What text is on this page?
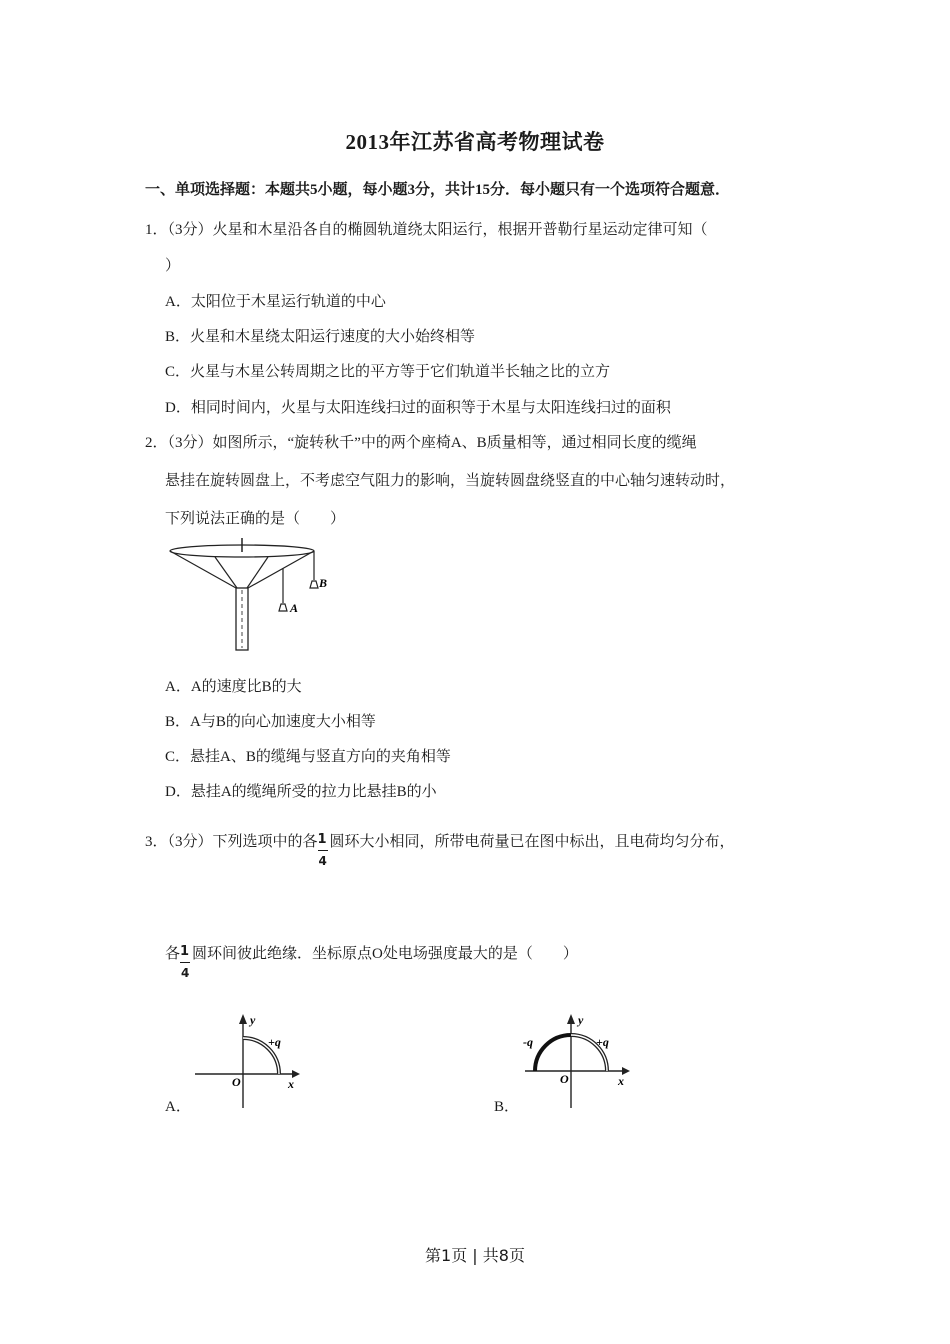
2013年江苏省高考物理试卷
一、单项选择题：本题共5小题，每小题3分，共计15分．每小题只有一个选项符合题意．
1．（3分）火星和木星沿各自的椭圆轨道绕太阳运行，根据开普勒行星运动定律可知（
）
A．太阳位于木星运行轨道的中心
B．火星和木星绕太阳运行速度的大小始终相等
C．火星与木星公转周期之比的平方等于它们轨道半长轴之比的立方
D．相同时间内，火星与太阳连线扫过的面积等于木星与太阳连线扫过的面积
2．（3分）如图所示，“旋转秋千”中的两个座椅A、B质量相等，通过相同长度的缆绳
悬挂在旋转圆盘上，不考虑空气阻力的影响，当旋转圆盘绕竖直的中心轴匀速转动时，
下列说法正确的是（　　）
A
B
A．A的速度比B的大
B．A与B的向心加速度大小相等
C．悬挂A、B的缆绳与竖直方向的夹角相等
D．悬挂A的缆绳所受的拉力比悬挂B的小
3．（3分）下列选项中的各
$\frac{1}{4}$
圆环大小相同，所带电荷量已在图中标出，且电荷均匀分布，
各
$\frac{1}{4}$
圆环间彼此绝缘．坐标原点O处电场强度最大的是（　　）
A．
y
x
O
+q
B．
y
x
O
-q	+q
第1页 | 共8页
